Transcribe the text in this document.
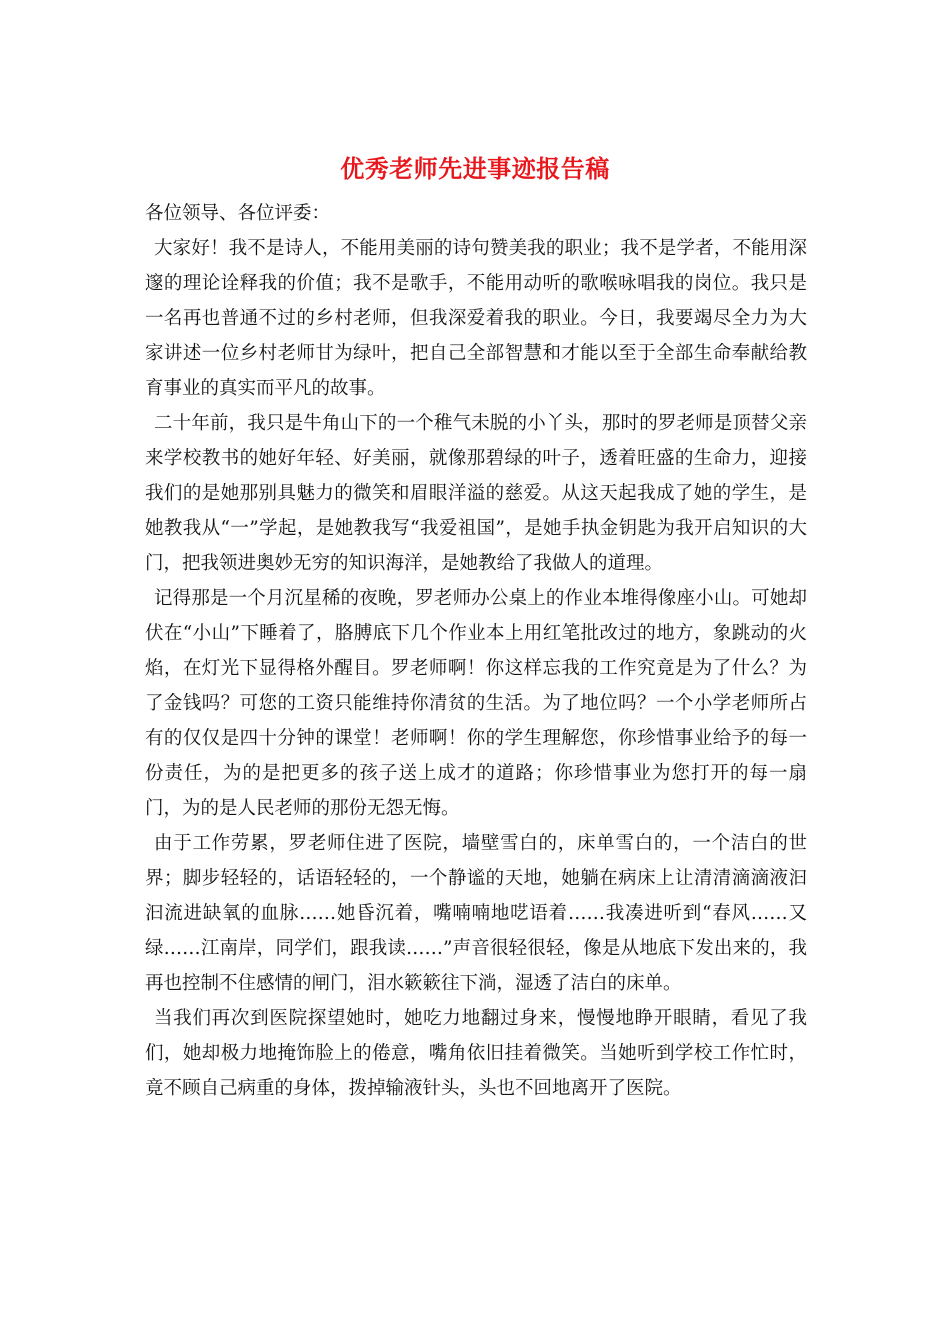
优秀老师先进事迹报告稿

各位领导、各位评委：

大家好！我不是诗人，不能用美丽的诗句赞美我的职业；我不是学者，不能用深邃的理论诠释我的价值；我不是歌手，不能用动听的歌喉咏唱我的岗位。我只是一名再也普通不过的乡村老师，但我深爱着我的职业。今日，我要竭尽全力为大家讲述一位乡村老师甘为绿叶，把自己全部智慧和才能以至于全部生命奉献给教育事业的真实而平凡的故事。

二十年前，我只是牛角山下的一个稚气未脱的小丫头，那时的罗老师是顶替父亲来学校教书的她好年轻、好美丽，就像那碧绿的叶子，透着旺盛的生命力，迎接我们的是她那别具魅力的微笑和眉眼洋溢的慈爱。从这天起我成了她的学生，是她教我从“一”学起，是她教我写“我爱祖国”，是她手执金钥匙为我开启知识的大门，把我领进奥妙无穷的知识海洋，是她教给了我做人的道理。

记得那是一个月沉星稀的夜晚，罗老师办公桌上的作业本堆得像座小山。可她却伏在“小山”下睡着了，胳膊底下几个作业本上用红笔批改过的地方，象跳动的火焰，在灯光下显得格外醒目。罗老师啊！你这样忘我的工作究竟是为了什么？为了金钱吗？可您的工资只能维持你清贫的生活。为了地位吗？一个小学老师所占有的仅仅是四十分钟的课堂！老师啊！你的学生理解您，你珍惜事业给予的每一份责任，为的是把更多的孩子送上成才的道路；你珍惜事业为您打开的每一扇门，为的是人民老师的那份无怨无悔。

由于工作劳累，罗老师住进了医院，墙壁雪白的，床单雪白的，一个洁白的世界；脚步轻轻的，话语轻轻的，一个静谧的天地，她躺在病床上让清清滴滴液汩汩流进缺氧的血脉……她昏沉着，嘴喃喃地呓语着……我凑进听到“春风……又绿……江南岸，同学们，跟我读……”声音很轻很轻，像是从地底下发出来的，我再也控制不住感情的闸门，泪水簌簌往下淌，湿透了洁白的床单。

当我们再次到医院探望她时，她吃力地翻过身来，慢慢地睁开眼睛，看见了我们，她却极力地掩饰脸上的倦意，嘴角依旧挂着微笑。当她听到学校工作忙时，竟不顾自己病重的身体，拨掉输液针头，头也不回地离开了医院。
